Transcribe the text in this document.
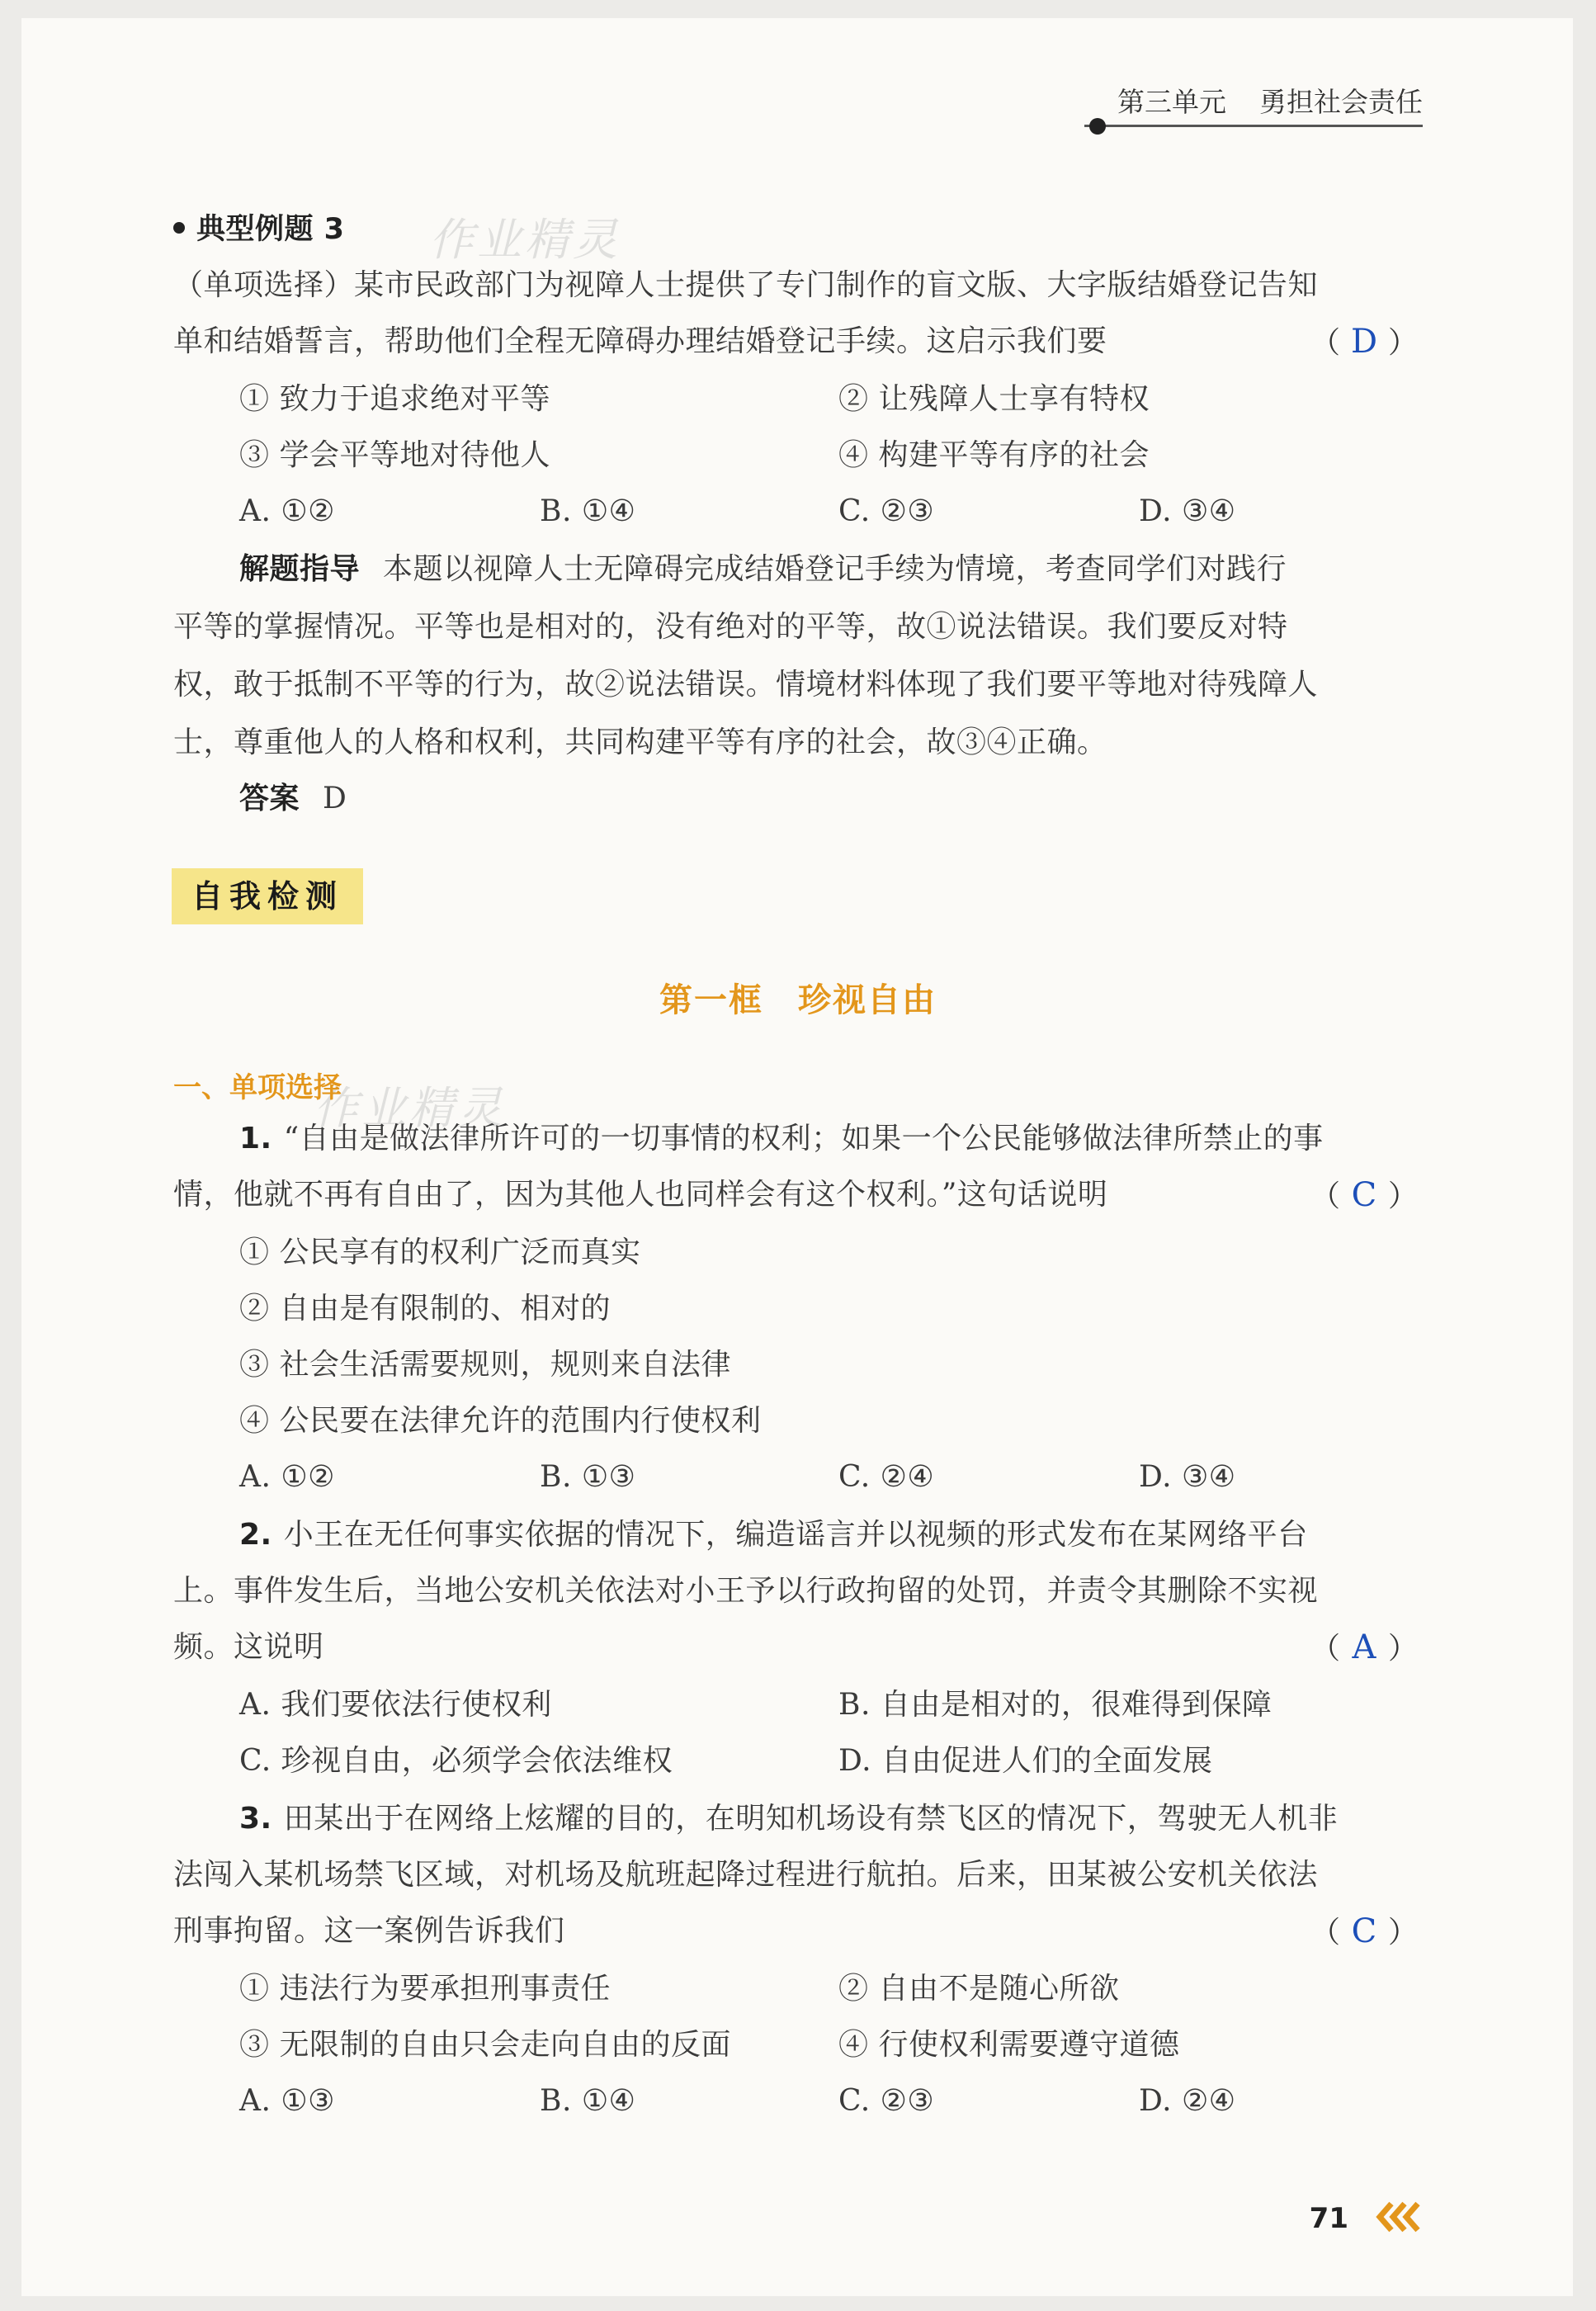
作业精灵
作业精灵
第三单元 勇担社会责任
典型例题 3
（单项选择）某市民政部门为视障人士提供了专门制作的盲文版、大字版结婚登记告知
单和结婚誓言，帮助他们全程无障碍办理结婚登记手续。这启示我们要	（ D ）
① 致力于追求绝对平等	② 让残障人士享有特权
③ 学会平等地对待他人	④ 构建平等有序的社会
A. ①②	B. ①④	C. ②③	D. ③④
解题指导 本题以视障人士无障碍完成结婚登记手续为情境，考查同学们对践行
平等的掌握情况。平等也是相对的，没有绝对的平等，故①说法错误。我们要反对特
权，敢于抵制不平等的行为，故②说法错误。情境材料体现了我们要平等地对待残障人
士，尊重他人的人格和权利，共同构建平等有序的社会，故③④正确。
答案 D
自我检测
第一框　珍视自由
一、单项选择
1. “自由是做法律所许可的一切事情的权利；如果一个公民能够做法律所禁止的事
情，他就不再有自由了，因为其他人也同样会有这个权利。”这句话说明	（ C ）
① 公民享有的权利广泛而真实
② 自由是有限制的、相对的
③ 社会生活需要规则，规则来自法律
④ 公民要在法律允许的范围内行使权利
A. ①②	B. ①③	C. ②④	D. ③④
2. 小王在无任何事实依据的情况下，编造谣言并以视频的形式发布在某网络平台
上。事件发生后，当地公安机关依法对小王予以行政拘留的处罚，并责令其删除不实视
频。这说明	（ A ）
A. 我们要依法行使权利	B. 自由是相对的，很难得到保障
C. 珍视自由，必须学会依法维权	D. 自由促进人们的全面发展
3. 田某出于在网络上炫耀的目的，在明知机场设有禁飞区的情况下，驾驶无人机非
法闯入某机场禁飞区域，对机场及航班起降过程进行航拍。后来，田某被公安机关依法
刑事拘留。这一案例告诉我们	（ C ）
① 违法行为要承担刑事责任	② 自由不是随心所欲
③ 无限制的自由只会走向自由的反面	④ 行使权利需要遵守道德
A. ①③	B. ①④	C. ②③	D. ②④
71
